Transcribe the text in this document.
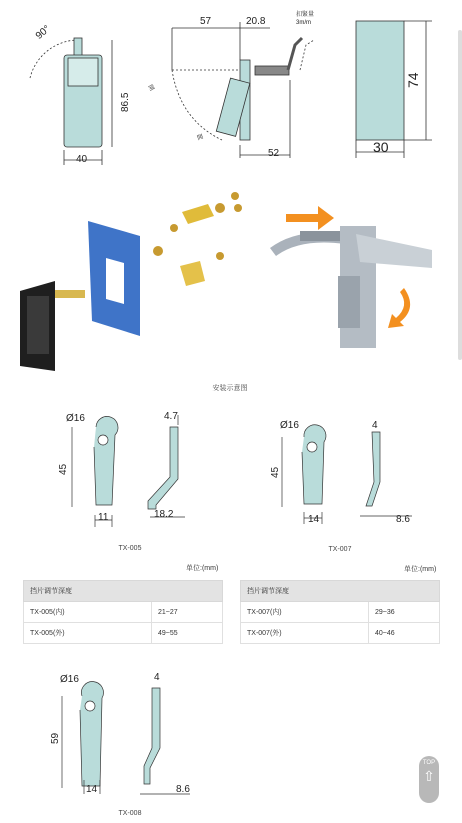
90°
86.5
40
57	20.8
52
扣緊量
3m/m
開
開
74
30
安装示意图
Ø16
45
11
4.7
18.2
TX-005
单位:(mm)
Ø16
45
14
4
8.6
TX-007
单位:(mm)
挡片调节深度	
TX-005(内)	21~27
TX-005(外)	49~55
挡片调节深度	
TX-007(内)	29~36
TX-007(外)	40~46
Ø16
59
14
4
8.6
TX-008
TOP
⇧
